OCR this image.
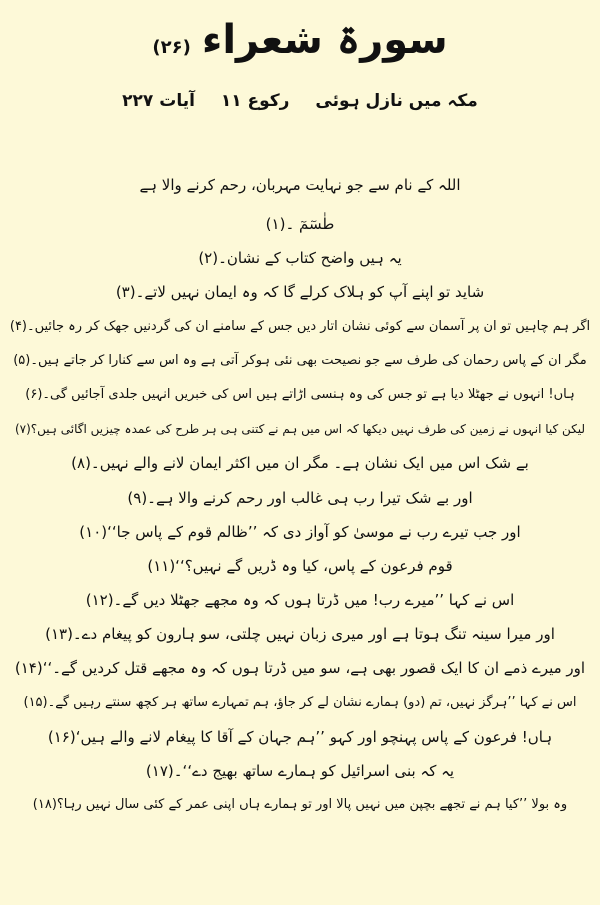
سورۃ شعراء (۲۶)
مکہ میں نازل ہوئی رکوع ۱۱ آیات ۲۲۷
اللہ کے نام سے جو نہایت مہربان، رحم کرنے والا ہے
طٰسٓمٓ ۔(۱)
یہ ہیں واضح کتاب کے نشان۔(۲)
شاید تو اپنے آپ کو ہلاک کرلے گا کہ وہ ایمان نہیں لاتے۔(۳)
اگر ہم چاہیں تو ان پر آسمان سے کوئی نشان اتار دیں جس کے سامنے ان کی گردنیں جھک کر رہ جائیں۔(۴)
مگر ان کے پاس رحمان کی طرف سے جو نصیحت بھی نئی ہوکر آتی ہے وہ اس سے کنارا کر جاتے ہیں۔(۵)
ہاں! انہوں نے جھٹلا دیا ہے تو جس کی وہ ہنسی اڑاتے ہیں اس کی خبریں انہیں جلدی آجائیں گی۔(۶)
لیکن کیا انہوں نے زمین کی طرف نہیں دیکھا کہ اس میں ہم نے کتنی ہی ہر طرح کی عمدہ چیزیں اگائی ہیں؟(۷)
بے شک اس میں ایک نشان ہے۔ مگر ان میں اکثر ایمان لانے والے نہیں۔(۸)
اور بے شک تیرا رب ہی غالب اور رحم کرنے والا ہے۔(۹)
اور جب تیرے رب نے موسیٰ کو آواز دی کہ ’’ظالم قوم کے پاس جا‘‘(۱۰)
قوم فرعون کے پاس، کیا وہ ڈریں گے نہیں؟‘‘(۱۱)
اس نے کہا ’’میرے رب! میں ڈرتا ہوں کہ وہ مجھے جھٹلا دیں گے۔(۱۲)
اور میرا سینہ تنگ ہوتا ہے اور میری زبان نہیں چلتی، سو ہارون کو پیغام دے۔(۱۳)
اور میرے ذمے ان کا ایک قصور بھی ہے، سو میں ڈرتا ہوں کہ وہ مجھے قتل کردیں گے۔‘‘(۱۴)
اس نے کہا ’’ہرگز نہیں، تم (دو) ہمارے نشان لے کر جاؤ، ہم تمہارے ساتھ ہر کچھ سنتے رہیں گے۔(۱۵)
ہاں! فرعون کے پاس پہنچو اور کہو ’’ہم جہان کے آقا کا پیغام لانے والے ہیں‘(۱۶)
یہ کہ بنی اسرائیل کو ہمارے ساتھ بھیج دے‘‘۔(۱۷)
وہ بولا ’’کیا ہم نے تجھے بچپن میں نہیں پالا اور تو ہمارے ہاں اپنی عمر کے کئی سال نہیں رہا؟(۱۸)
